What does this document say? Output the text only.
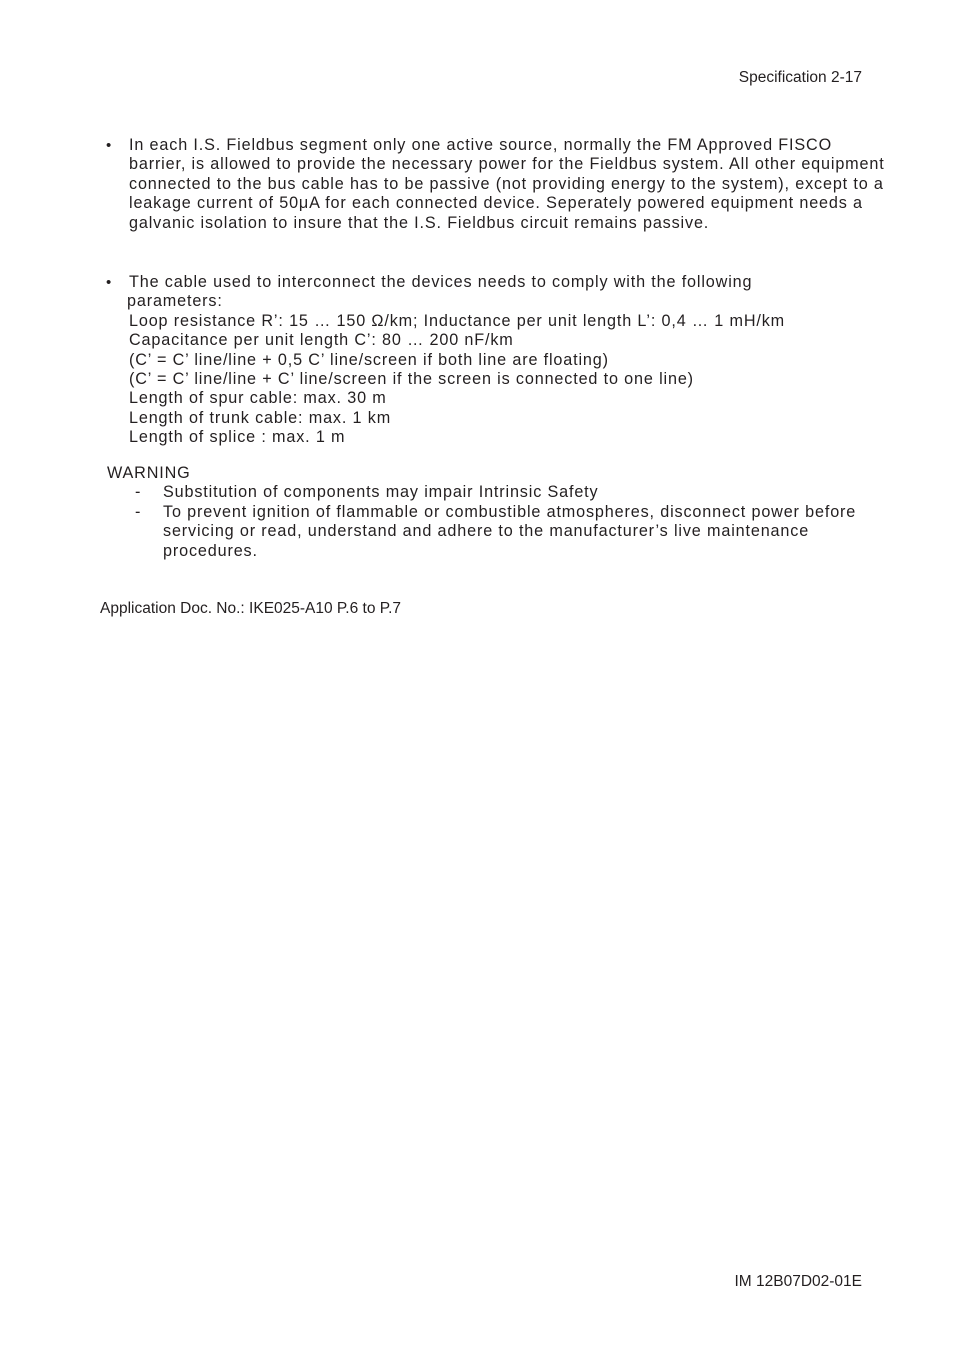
Specification 2-17
•	In each I.S. Fieldbus segment only one active source, normally the FM Approved FISCO barrier, is allowed to provide the necessary power for the Fieldbus system. All other equipment connected to the bus cable has to be passive (not providing energy to the system), except to a leakage current of 50μA for each connected device. Seperately powered equipment needs a galvanic isolation to insure that the I.S. Fieldbus circuit remains passive.
•	The cable used to interconnect the devices needs to comply with the following
parameters:
Loop resistance R’: 15 … 150 Ω/km; Inductance per unit length L’: 0,4 … 1 mH/km
Capacitance per unit length C’: 80 … 200 nF/km
(C’ = C’ line/line + 0,5 C’ line/screen if both line are floating)
(C’ = C’ line/line + C’ line/screen if the screen is connected to one line)
Length of spur cable: max. 30 m
Length of trunk cable: max. 1 km
Length of splice : max. 1 m
WARNING
- Substitution of components may impair Intrinsic Safety
- To prevent ignition of flammable or combustible atmospheres, disconnect power before servicing or read, understand and adhere to the manufacturer’s live maintenance procedures.
Application Doc. No.: IKE025-A10 P.6 to P.7
IM 12B07D02-01E
